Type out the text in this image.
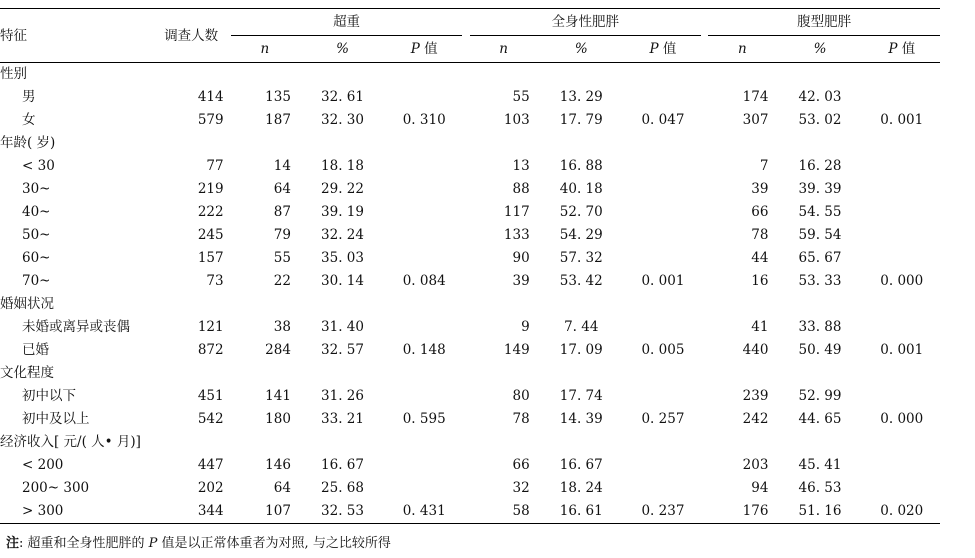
特征	调查人数		超重				全身性肥胖				腹型肥胖		
			n	%	P 值		n	%	P 值		n	%	P 值
性别													
男	414		135	32. 61			55	13. 29			174	42. 03	
女	579		187	32. 30	0. 310		103	17. 79	0. 047		307	53. 02	0. 001
年龄( 岁)													
< 30	77		14	18. 18			13	16. 88			7	16. 28	
30~	219		64	29. 22			88	40. 18			39	39. 39	
40~	222		87	39. 19			117	52. 70			66	54. 55	
50~	245		79	32. 24			133	54. 29			78	59. 54	
60~	157		55	35. 03			90	57. 32			44	65. 67	
70~	73		22	30. 14	0. 084		39	53. 42	0. 001		16	53. 33	0. 000
婚姻状况													
未婚或离异或丧偶	121		38	31. 40			9	7. 44			41	33. 88	
已婚	872		284	32. 57	0. 148		149	17. 09	0. 005		440	50. 49	0. 001
文化程度													
初中以下	451		141	31. 26			80	17. 74			239	52. 99	
初中及以上	542		180	33. 21	0. 595		78	14. 39	0. 257		242	44. 65	0. 000
经济收入[ 元/( 人• 月)]													
< 200	447		146	16. 67			66	16. 67			203	45. 41	
200~ 300	202		64	25. 68			32	18. 24			94	46. 53	
> 300	344		107	32. 53	0. 431		58	16. 61	0. 237		176	51. 16	0. 020
注: 超重和全身性肥胖的 P 值是以正常体重者为对照, 与之比较所得
